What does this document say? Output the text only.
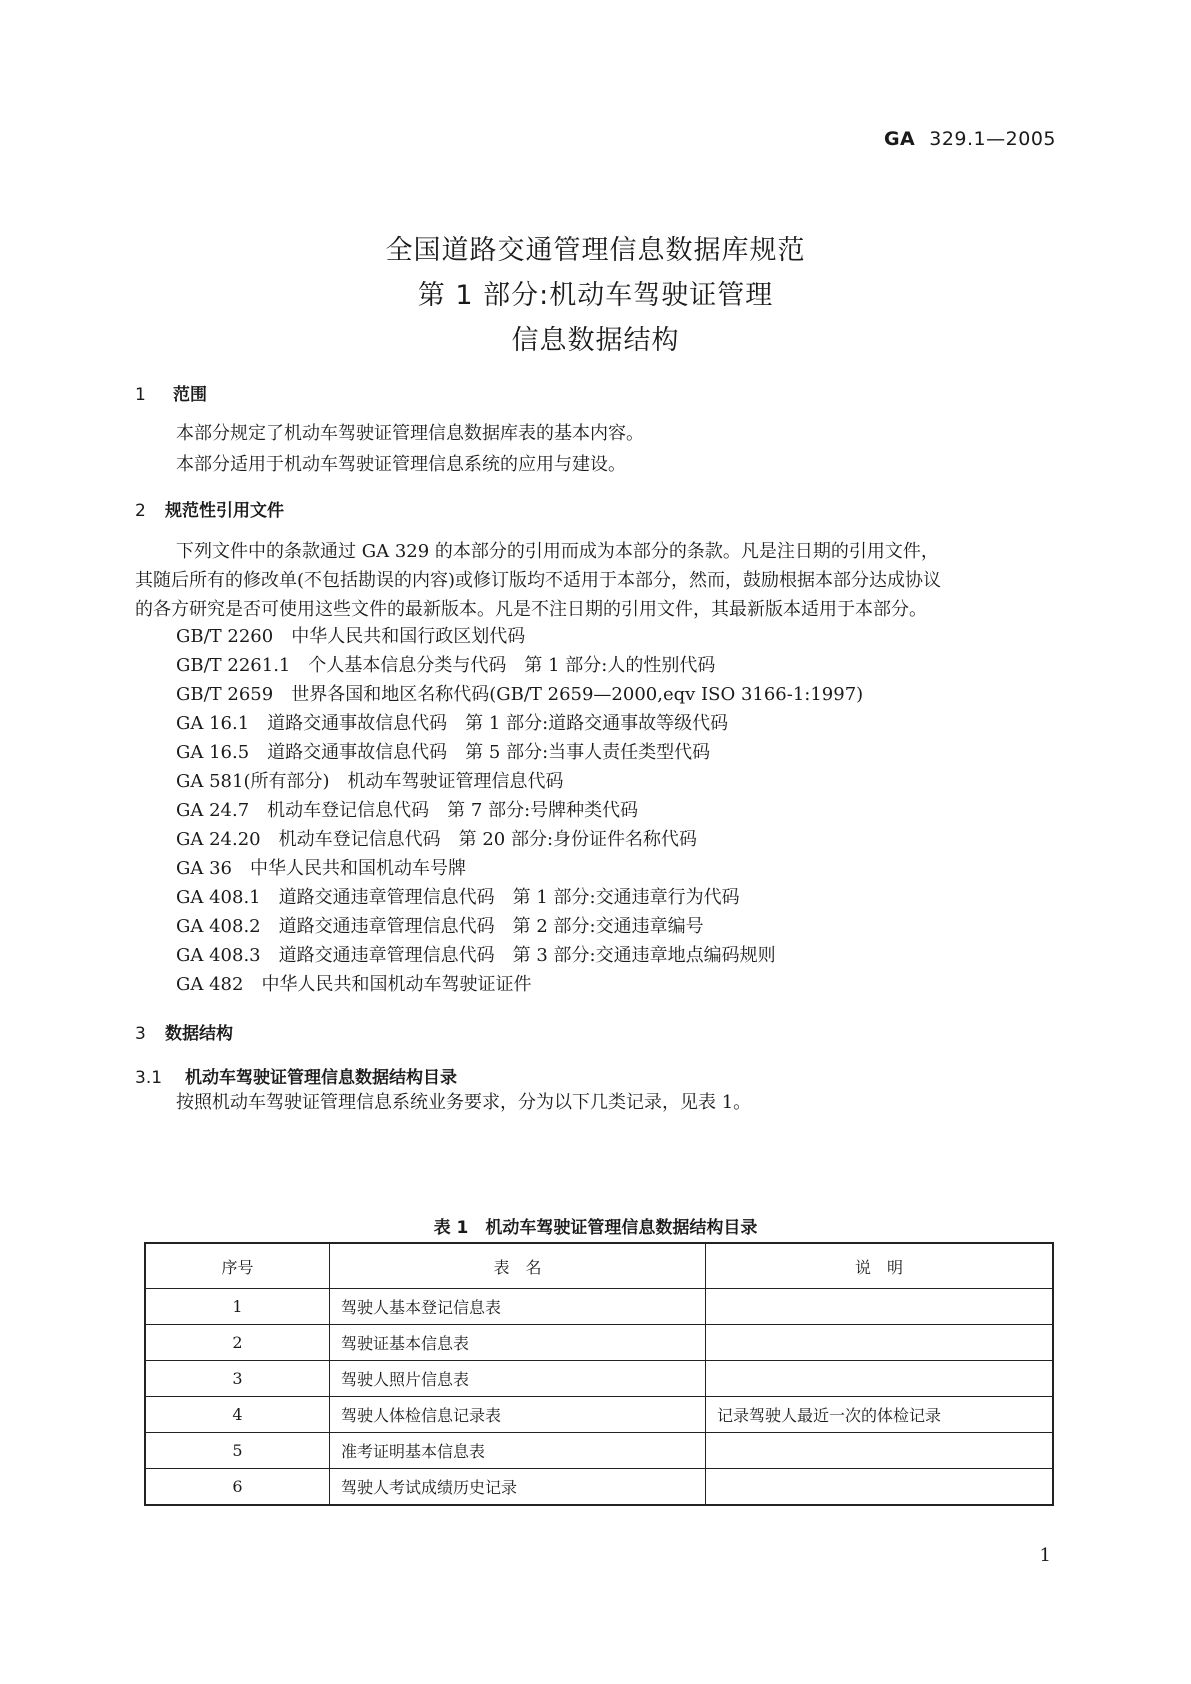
GA 329.1—2005
全国道路交通管理信息数据库规范
第 1 部分:机动车驾驶证管理
信息数据结构
1 范围
本部分规定了机动车驾驶证管理信息数据库表的基本内容。
本部分适用于机动车驾驶证管理信息系统的应用与建设。
2 规范性引用文件
下列文件中的条款通过 GA 329 的本部分的引用而成为本部分的条款。凡是注日期的引用文件，
其随后所有的修改单(不包括勘误的内容)或修订版均不适用于本部分，然而，鼓励根据本部分达成协议
的各方研究是否可使用这些文件的最新版本。凡是不注日期的引用文件，其最新版本适用于本部分。
GB/T 2260　中华人民共和国行政区划代码
GB/T 2261.1　个人基本信息分类与代码　第 1 部分:人的性别代码
GB/T 2659　世界各国和地区名称代码(GB/T 2659—2000,eqv ISO 3166-1:1997)
GA 16.1　道路交通事故信息代码　第 1 部分:道路交通事故等级代码
GA 16.5　道路交通事故信息代码　第 5 部分:当事人责任类型代码
GA 581(所有部分)　机动车驾驶证管理信息代码
GA 24.7　机动车登记信息代码　第 7 部分:号牌种类代码
GA 24.20　机动车登记信息代码　第 20 部分:身份证件名称代码
GA 36　中华人民共和国机动车号牌
GA 408.1　道路交通违章管理信息代码　第 1 部分:交通违章行为代码
GA 408.2　道路交通违章管理信息代码　第 2 部分:交通违章编号
GA 408.3　道路交通违章管理信息代码　第 3 部分:交通违章地点编码规则
GA 482　中华人民共和国机动车驾驶证证件
3 数据结构
3.1 机动车驾驶证管理信息数据结构目录
按照机动车驾驶证管理信息系统业务要求，分为以下几类记录，见表 1。
表 1　机动车驾驶证管理信息数据结构目录
序号	表　名	说　明
1	驾驶人基本登记信息表	
2	驾驶证基本信息表	
3	驾驶人照片信息表	
4	驾驶人体检信息记录表	记录驾驶人最近一次的体检记录
5	准考证明基本信息表	
6	驾驶人考试成绩历史记录	
1
